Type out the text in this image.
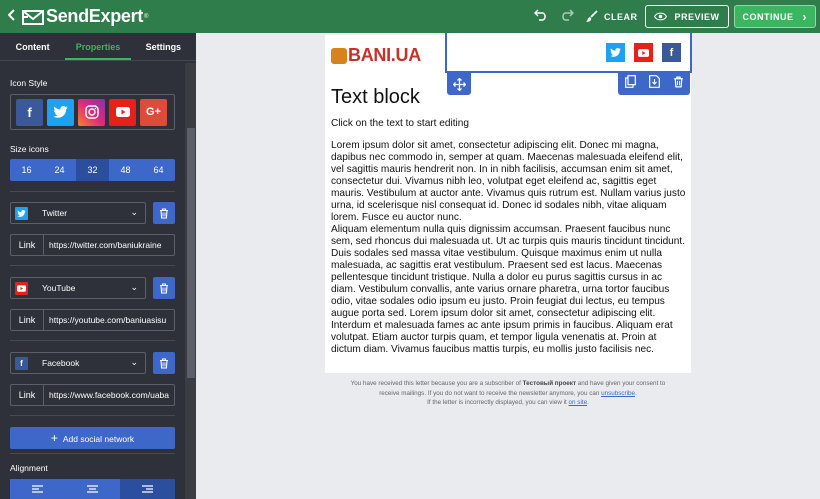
SendExpert ®	CLEAR	PREVIEW	CONTINUE ›
Content	Properties	Settings
Icon Style
f	G+
Size icons
16	24	32	48	64
Twitter	⌄
Link
https://twitter.com/baniukraine
YouTube	⌄
Link
https://youtube.com/baniuasisu
f	Facebook	⌄
Link
https://www.facebook.com/uaba
+ Add social network
Alignment
BANI.UA	f
Text block
Click on the text to start editing
Lorem ipsum dolor sit amet, consectetur adipiscing elit. Donec mi magna, dapibus nec commodo in, semper at quam. Maecenas malesuada eleifend elit, vel sagittis mauris hendrerit non. In in nibh facilisis, accumsan enim sit amet, consectetur dui. Vivamus nibh leo, volutpat eget eleifend ac, sagittis eget mauris. Vestibulum at auctor ante. Vivamus quis rutrum est. Nullam varius justo urna, id scelerisque nisl consequat id. Donec id sodales nibh, vitae aliquam lorem. Fusce eu auctor nunc.
Aliquam elementum nulla quis dignissim accumsan. Praesent faucibus nunc sem, sed rhoncus dui malesuada ut. Ut ac turpis quis mauris tincidunt tincidunt. Duis sodales sed massa vitae vestibulum. Quisque maximus enim ut nulla malesuada, ac sagittis erat vestibulum. Praesent sed est lacus. Maecenas pellentesque tincidunt tristique. Nulla a dolor eu purus sagittis cursus in ac diam. Vestibulum convallis, ante varius ornare pharetra, urna tortor faucibus odio, vitae sodales odio ipsum eu justo. Proin feugiat dui lectus, eu tempus augue porta sed. Lorem ipsum dolor sit amet, consectetur adipiscing elit. Interdum et malesuada fames ac ante ipsum primis in faucibus. Aliquam erat volutpat. Etiam auctor turpis quam, et tempor ligula venenatis at. Proin at dictum diam. Vivamus faucibus mattis turpis, eu mollis justo facilisis nec.
You have received this letter because you are a subscriber of Тестовый проект and have given your consent to
receive mailings. If you do not want to receive the newsletter anymore, you can unsubscribe.
If the letter is incorrectly displayed, you can view it on site.
